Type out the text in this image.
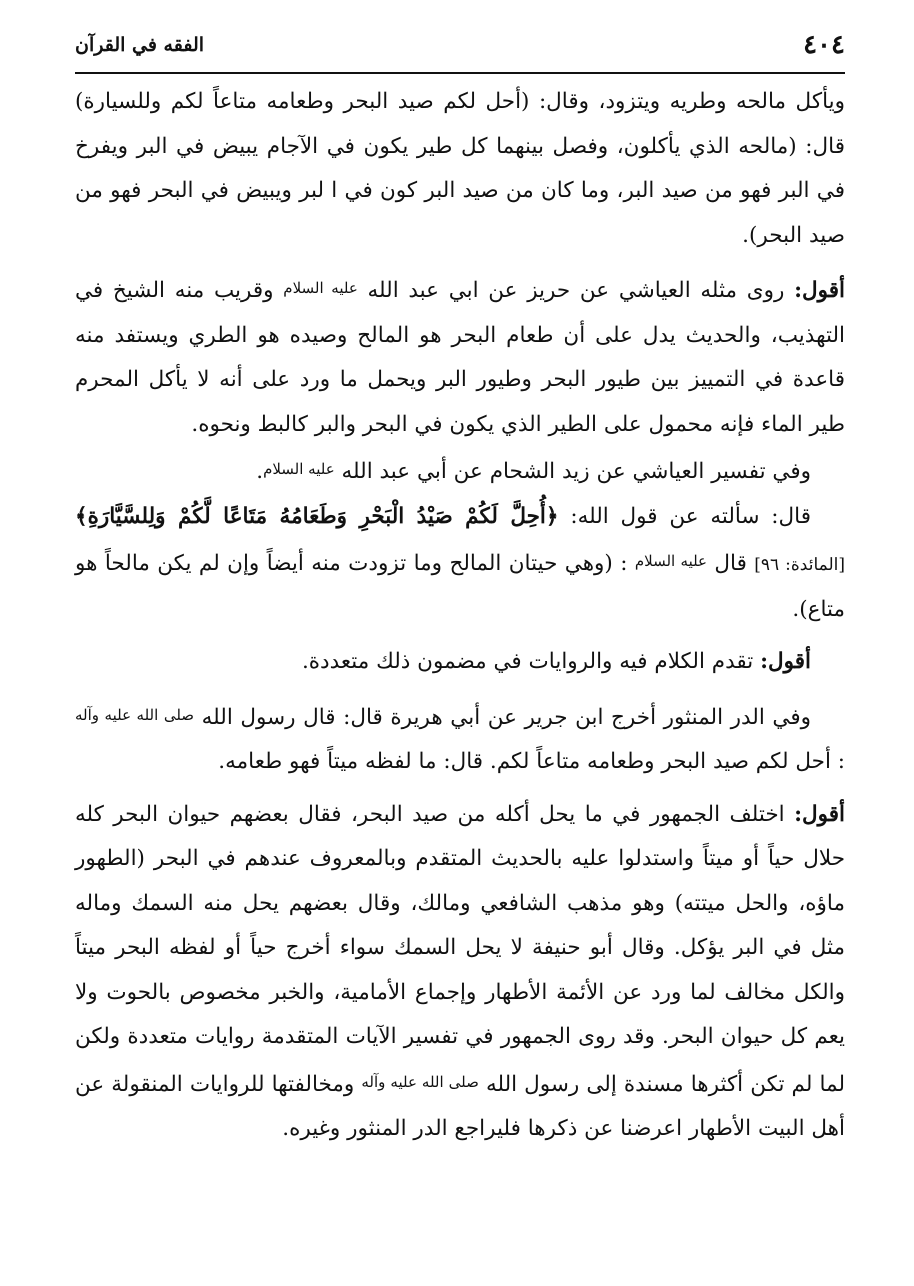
٤٠٤
الفقه في القرآن

ويأكل مالحه وطريه ويتزود، وقال: (أحل لكم صيد البحر وطعامه متاعاً لكم وللسيارة) قال: (مالحه الذي يأكلون، وفصل بينهما كل طير يكون في الآجام يبيض في البر ويفرخ في البر فهو من صيد البر، وما كان من صيد البر كون في ا لبر ويبيض في البحر فهو من صيد البحر).

أقول: روى مثله العياشي عن حريز عن ابي عبد الله عليه السلام وقريب منه الشيخ في التهذيب، والحديث يدل على أن طعام البحر هو المالح وصيده هو الطري ويستفد منه قاعدة في التمييز بين طيور البحر وطيور البر ويحمل ما ورد على أنه لا يأكل المحرم طير الماء فإنه محمول على الطير الذي يكون في البحر والبر كالبط ونحوه.

وفي تفسير العياشي عن زيد الشحام عن أبي عبد الله عليه السلام.

قال: سألته عن قول الله: ﴿أُحِلَّ لَكُمْ صَيْدُ الْبَحْرِ وَطَعَامُهُ مَتَاعًا لَّكُمْ وَلِلسَّيَّارَةِ﴾ [المائدة: ٩٦] قال عليه السلام : (وهي حيتان المالح وما تزودت منه أيضاً وإن لم يكن مالحاً هو متاع).

أقول: تقدم الكلام فيه والروايات في مضمون ذلك متعددة.

وفي الدر المنثور أخرج ابن جرير عن أبي هريرة قال: قال رسول الله صلى الله عليه وآله : أحل لكم صيد البحر وطعامه متاعاً لكم. قال: ما لفظه ميتاً فهو طعامه.

أقول: اختلف الجمهور في ما يحل أكله من صيد البحر، فقال بعضهم حيوان البحر كله حلال حياً أو ميتاً واستدلوا عليه بالحديث المتقدم وبالمعروف عندهم في البحر (الطهور ماؤه، والحل ميتته) وهو مذهب الشافعي ومالك، وقال بعضهم يحل منه السمك وماله مثل في البر يؤكل. وقال أبو حنيفة لا يحل السمك سواء أخرج حياً أو لفظه البحر ميتاً والكل مخالف لما ورد عن الأئمة الأطهار وإجماع الأمامية، والخبر مخصوص بالحوت ولا يعم كل حيوان البحر. وقد روى الجمهور في تفسير الآيات المتقدمة روايات متعددة ولكن لما لم تكن أكثرها مسندة إلى رسول الله صلى الله عليه وآله ومخالفتها للروايات المنقولة عن أهل البيت الأطهار اعرضنا عن ذكرها فليراجع الدر المنثور وغيره.
